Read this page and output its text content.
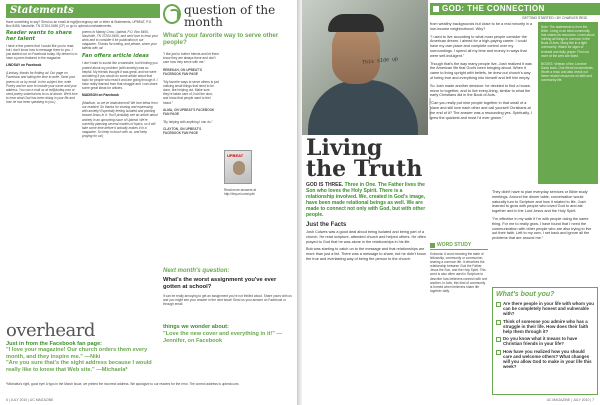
Statements
Have something to say? Send us an email at rsgi@ncregroup.net or letter at Statements, UPBEAT, P.O. Box 8456, Nashville, TN 37204-0456 (CF) or go to upbeat.com/statements.
Reader wants to share her talent
I have a few poems that I would like you to read, but I don't know how to message them to you. I just started out on Facebook today. My dream is to have a poem featured in the magazine.
LINDSAY on Facebook
(Lindsay, thanks for finding us! Our page on Facebook and taking the time to write. Send your poems to us by email. In the subject line, write Poetry and be sure to include your name and your address. You can e-mail us at ed@lucfaq.com or send poetry submissions to us at above. We'd love to hear what God has been doing in your life and how he has been speaking to you.)
poems to Mandy Crow, Upbeat, P.O. Box 8456, Nashville, TN 37204-0456, and we'd love to hear your work and to consider it for publication in our magazine. Thanks for writing, and please, share your talents with us!
Fan offers article ideas
I don't want to sound like a wannabe, but thinking you posted about my problem (with anxiety) was so helpful. My friends thought it was great, and we were wondering if you would do some article about that topic for people who read it and are going through it. I have really learned from that struggle and I can share some great ideas for articles.
MADISON on Facebook
(Madison, so we've brainstormed! We love ideas from our readers! So thanks for sharing and expressing with anxiety! Especially feeling isolated and pointing toward Jesus in it. You'll probably see an article about anxiety in an upcoming issue of Upbeat. We're currently planning several months of topics, so it will take some time before it actually makes it in a magazine. So keep in touch with us, and keep praying for us!)
question of the month
What's your favorite way to serve other people?
"I like just to bother friends and let them know they are always there and don't care how they serve with me."
REBEKAH, ON UPBEAT'S FACEBOOK FAN PAGE
"My favorite ways to serve others is just noticing small things that need to be done, like helping out. Make sure they're taken care of, hold the door, and know that people want to feel heard."
ALMA, ON UPBEAT'S FACEBOOK FAN PAGE
"By helping with anything I can do."
CLAYTON, ON UPBEAT'S FACEBOOK FAN PAGE
UPBEAT
Read more answers at http://tinyurl.com/upbt
Next month's question:
What's the worst assignment you've ever gotten at school?
It can be really annoying to get an assignment you're not thrilled about. Share yours with us and you might see your answer in the next issue! Send us your answer on Facebook or through email.
overheard
Just in from the Facebook fan page:
"I love your magazine! Our church orders them every month, and they inspire me." —Niki
"Are you sure that's the sight address because I would really like to know that Web site." —Michaela*
things we wonder about:
"Love the new cover and everything in it!" —Jennifer, on Facebook
*Michaela's right, good eye! A typo in the March issue, we printed the incorrect address. We apologize to our readers for the error. The correct address is upbeat.com.
6 | JULY 2010 | UC MAGAZINE
This sIde up
PHOTO: STOCK
GOD: THE CONNECTION
GETTING STARTED • BY CHARLES REID

from wealthy backgrounds but close to be a real minority in a low-income neighborhood. Why?

"I used to live according to what most people consider the American dream. I aimed for a high-paying career. I could have my own place and complete control over my surroundings. I spend all my time and money in ways that were self-indulgent."

Though that's the way many people live, Josh realized it was the American life that God's been bringing about. When it came to living upright with beliefs, he drew out church's way of being true and everything into himself and left him empty.

So Josh made another decision: he decided to find a house, move to together, and to live every-thing, similar to what the early Christians did in the Book of Acts.

"Can you really put nine people together in that small of a place and still love each other and call yourself Christians at the end of it? The answer was a resounding yes. Spiritually, I grew the quickest and most I'd ever grown."

Note: The statements is from the Bible. Living in an ideal community that shares its resources. Learn about holding all things in common in the Book of Acts. Many live in a tight community. Watch for signs of renewal and daily prayer. Find out more at the web site listed.
BOOKS: Veteran of the Lorraine Davis book. One friend recommends. Worth a read, and also check out these related resources on faith and community life.
Living the Truth
GOD IS THREE. Three in One. The Father lives the Son who loves the Holy Spirit. There is a relationship involved. We, created in God's image, have been made relational beings as well. We are made to connect not only with God, but with other people.
Just the Facts

Josh Colwes was a good deal about being isolated and being part of a church. He read scripture, attended church and helped others. He often prayed to God that he was alone in the relationships in his life.

Bob was starting to catch on to the message and that relationships are more than just a list. There was a message to share, but he didn't know the true and everlasting way of being the person to the church.

WORD STUDY
Koinonia: A word meaning the state of fellowship, community or communion, sharing a common life. It describes the relationship between God the Father, Jesus the Son, and the Holy Spirit. This word is also often used in Scripture to describe how believers connect with one another. In Acts, this kind of community is formed when believers share life together daily.

They didn't have to plan everyday services or Bible study meetings. Around the dinner table, conversation would naturally turn to Scripture and how it related to life. Josh learned to grow with people who loved God to and ate together and in the Lord Jesus and the Holy Spirit.

"I'm effective in my walk if I'm with people doing the same thing. For me to really grow, I have found that I need the communication with other people who are also trying to live out their faith. Left to my own, I set back and ignore all the problems that are around me."

What's bout you?
Are there people in your life with whom you can be completely honest and vulnerable with?
Think of someone you admire who has a struggle in their life. How does their faith help them through it?
Do you know what it means to have Christian friends in your life?
How have you realized how you should care and welcome others? What changes will you allow God to make in your life this week?
UC MAGAZINE | JULY 2010 | 7
